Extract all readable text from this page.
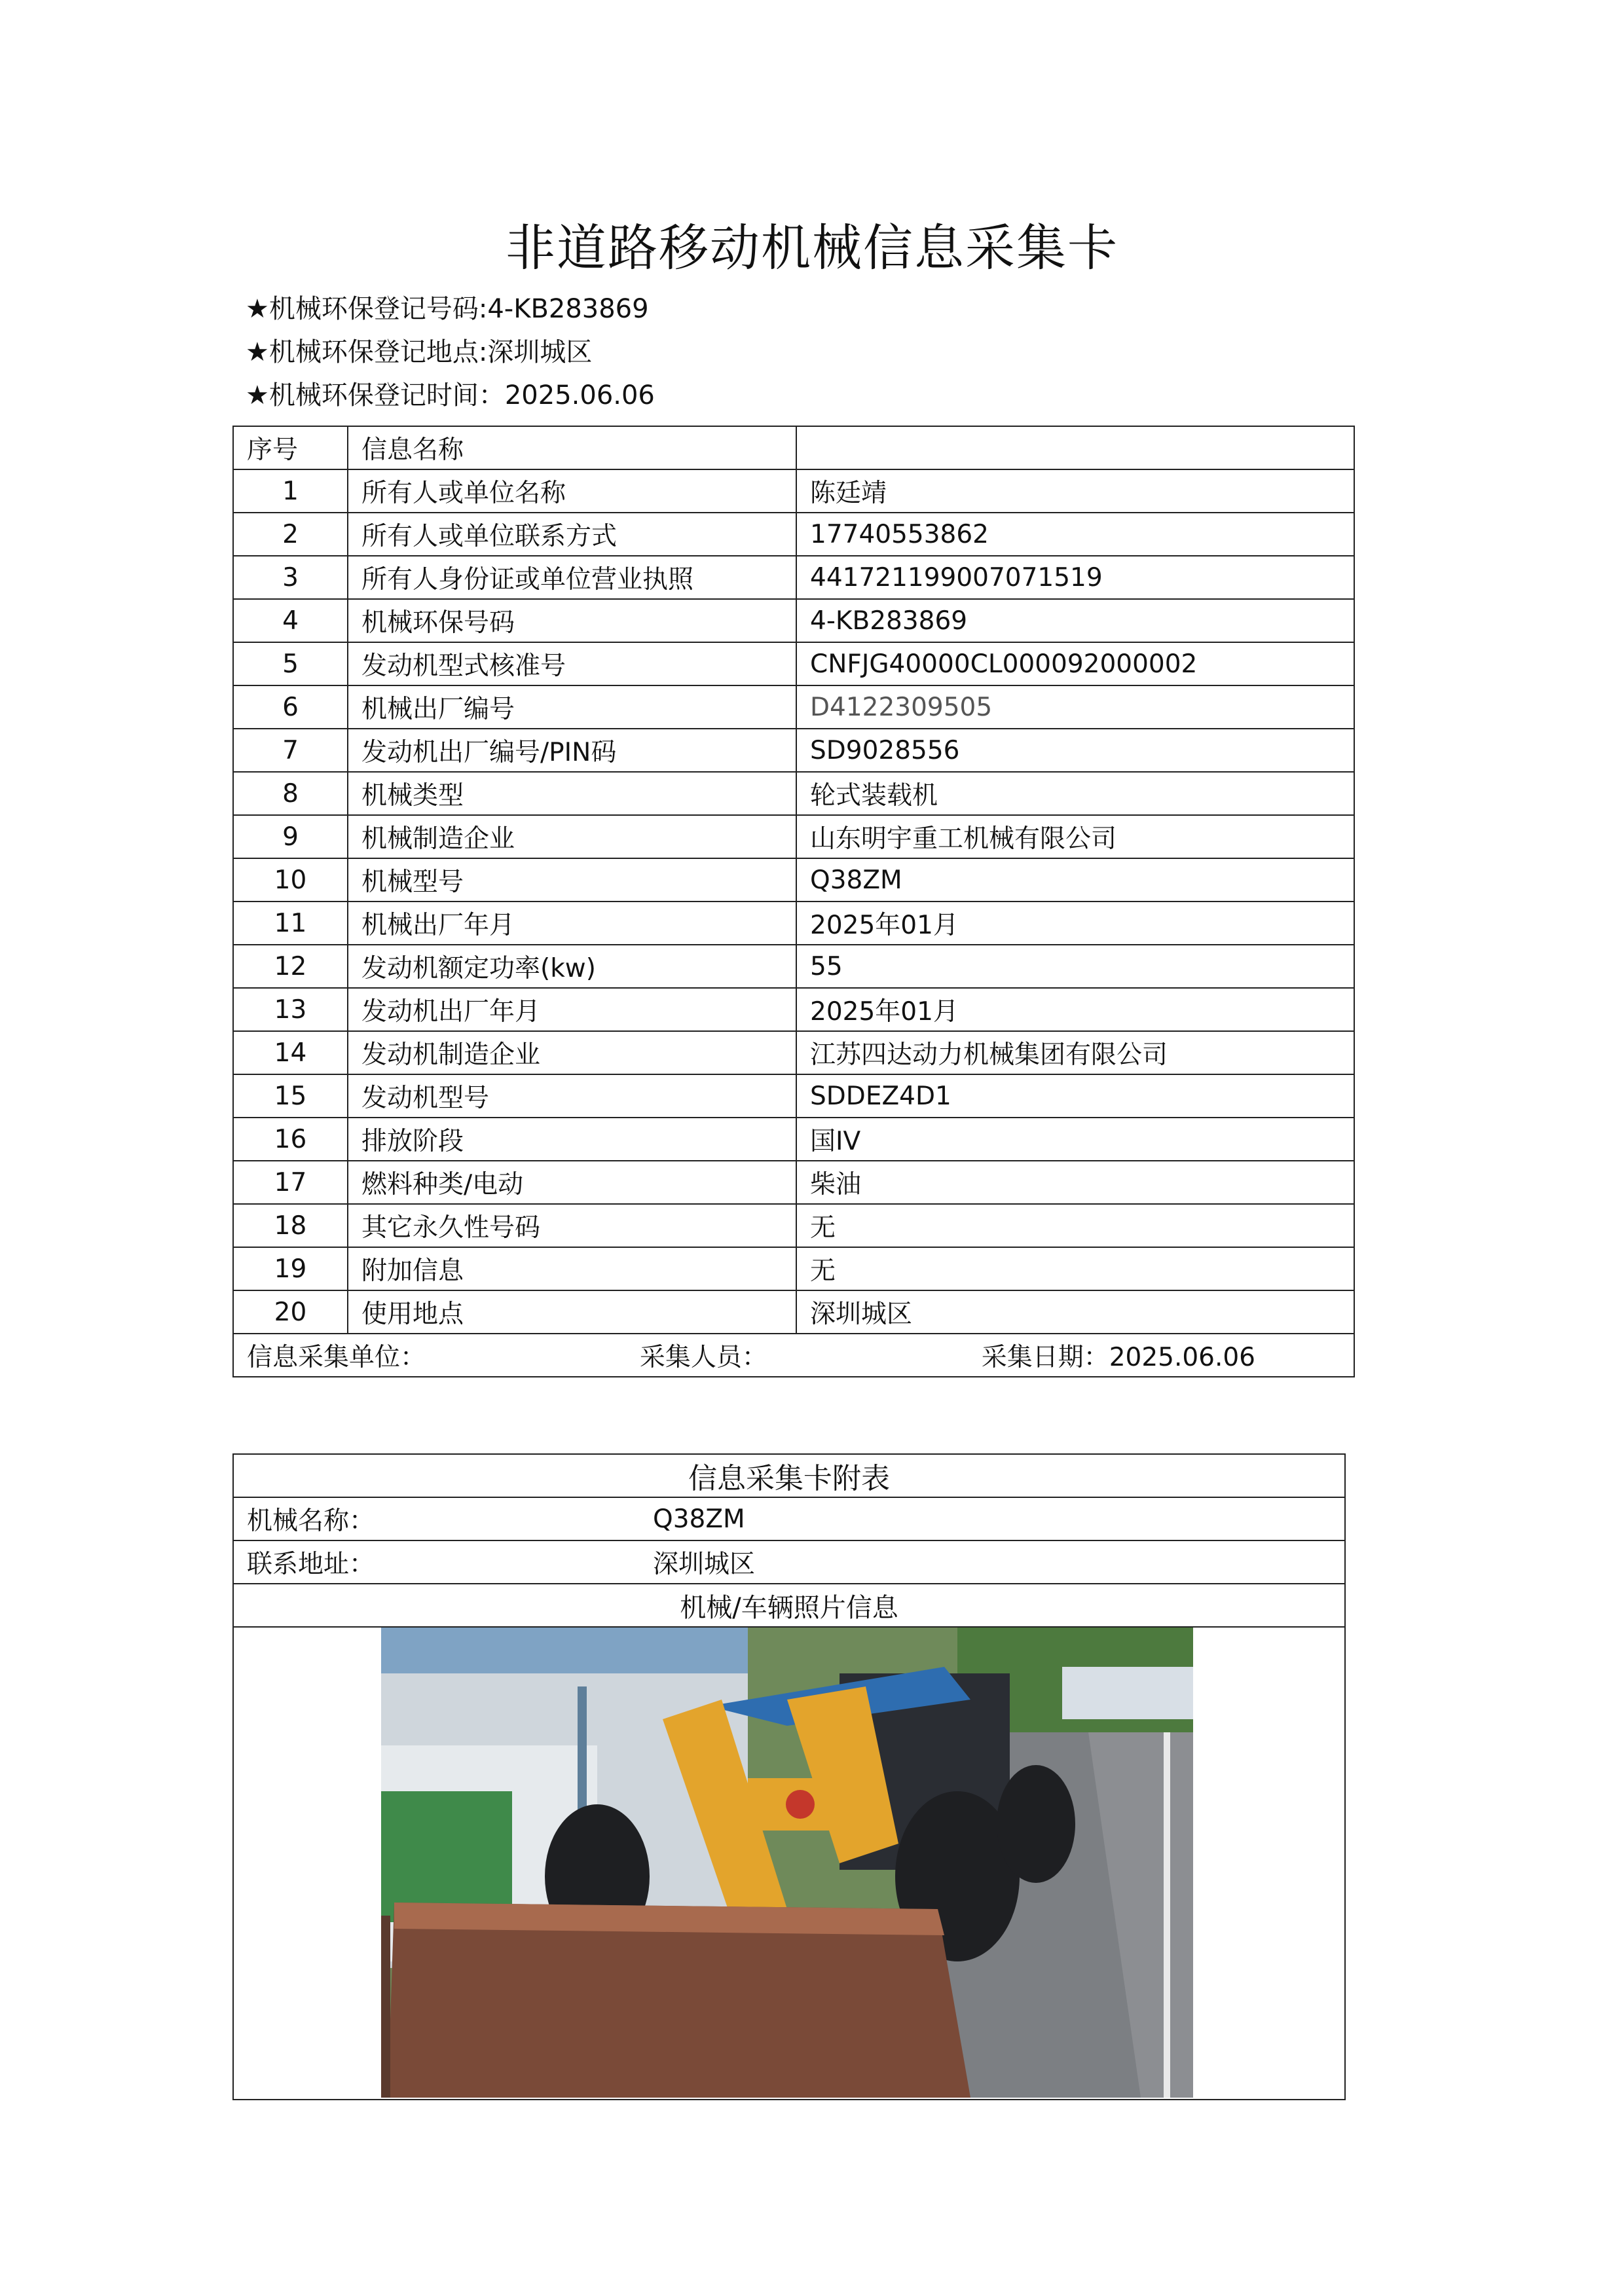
非道路移动机械信息采集卡
★机械环保登记号码:4-KB283869
★机械环保登记地点:深圳城区
★机械环保登记时间：2025.06.06
序号	信息名称	
1	所有人或单位名称	陈廷靖
2	所有人或单位联系方式	17740553862
3	所有人身份证或单位营业执照	441721199007071519
4	机械环保号码	4-KB283869
5	发动机型式核准号	CNFJG40000CL000092000002
6	机械出厂编号	D4122309505
7	发动机出厂编号/PIN码	SD9028556
8	机械类型	轮式装载机
9	机械制造企业	山东明宇重工机械有限公司
10	机械型号	Q38ZM
11	机械出厂年月	2025年01月
12	发动机额定功率(kw)	55
13	发动机出厂年月	2025年01月
14	发动机制造企业	江苏四达动力机械集团有限公司
15	发动机型号	SDDEZ4D1
16	排放阶段	国IV
17	燃料种类/电动	柴油
18	其它永久性号码	无
19	附加信息	无
20	使用地点	深圳城区

信息采集单位： 采集人员： 采集日期：2025.06.06		
信息采集卡附表
机械名称：	Q38ZM
联系地址：	深圳城区
机械/车辆照片信息
